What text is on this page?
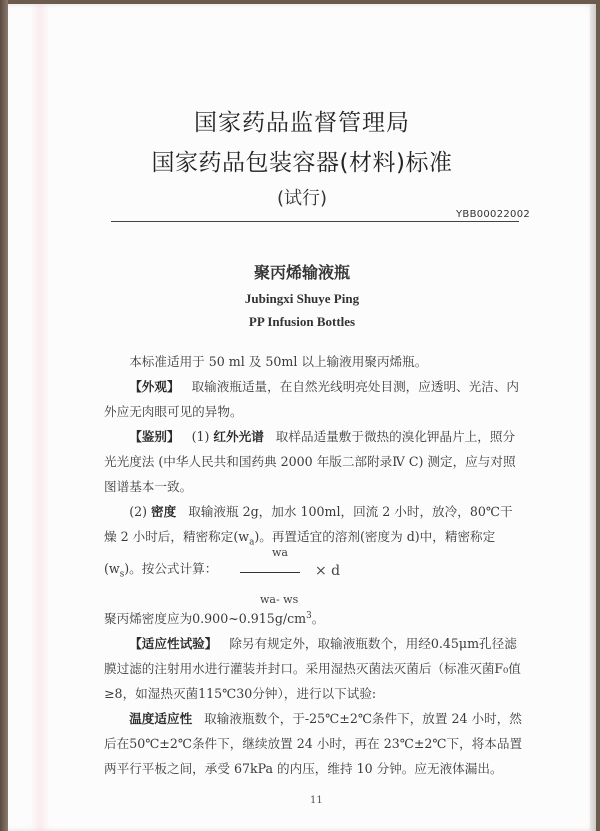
国家药品监督管理局
国家药品包装容器(材料)标准
(试行)
YBB00022002
聚丙烯输液瓶
Jubingxi Shuye Ping
PP Infusion Bottles

本标准适用于 50 ml 及 50ml 以上输液用聚丙烯瓶。

【外观】 取输液瓶适量，在自然光线明亮处目测，应透明、光洁、内外应无肉眼可见的异物。

【鉴别】 (1) 红外光谱 取样品适量敷于微热的溴化钾晶片上，照分光光度法 (中华人民共和国药典 2000 年版二部附录Ⅳ C) 测定，应与对照图谱基本一致。

(2) 密度 取输液瓶 2g，加水 100ml，回流 2 小时，放冷，80℃干燥 2 小时后，精密称定$(w_a)$。再置适宜的溶剂(密度为 d)中，精密称定$(w_s)$。按公式计算：

wa
× d
wa- ws

聚丙烯密度应为$0.900\sim 0.915g/cm^3$。

【适应性试验】 除另有规定外，取输液瓶数个，用经0.45μm孔径滤膜过滤的注射用水进行灌装并封口。采用湿热灭菌法灭菌后（标准灭菌F₀值≥8，如湿热灭菌115℃30分钟），进行以下试验:

温度适应性 取输液瓶数个，于-25℃±2℃条件下，放置 24 小时，然后在50℃±2℃条件下，继续放置 24 小时，再在 23℃±2℃下，将本品置两平行平板之间，承受 67kPa 的内压，维持 10 分钟。应无液体漏出。

11
